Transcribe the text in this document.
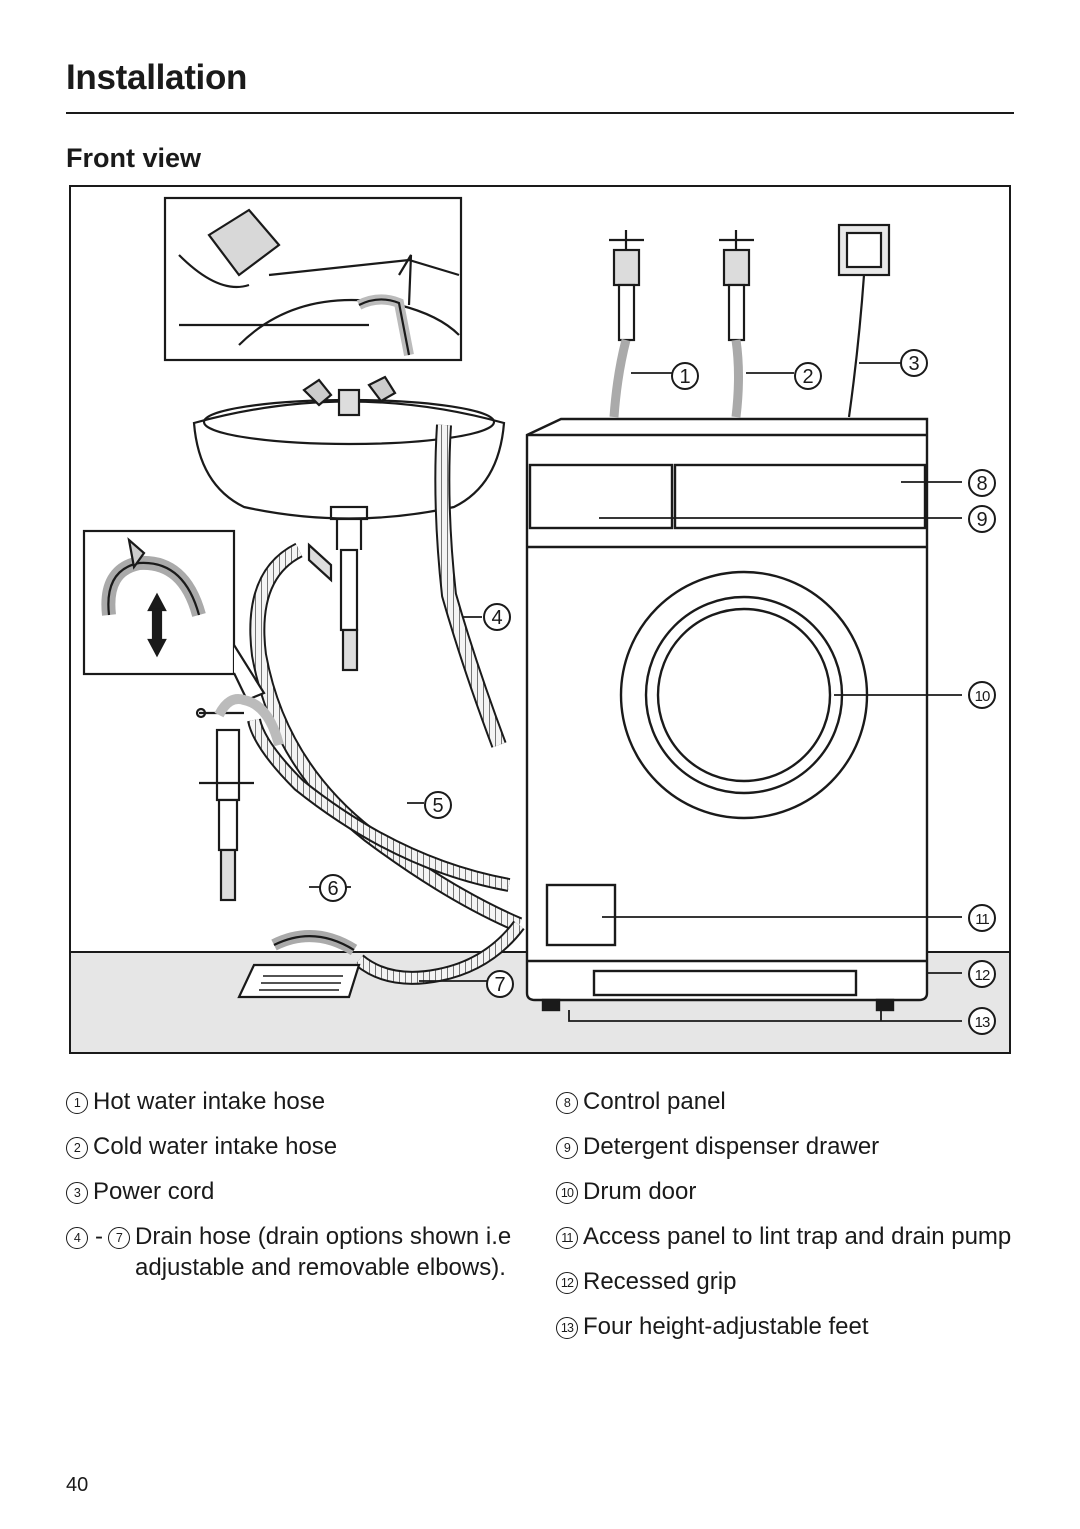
Installation
Front view
1	2
3
4
5
6
7
8
9
10
11
12
13
1 Hot water intake hose
2 Cold water intake hose
3 Power cord
4 -	7 Drain hose (drain options shown i.e adjustable and removable elbows).
8 Control panel
9 Detergent dispenser drawer
10 Drum door
11 Access panel to lint trap and drain pump
12 Recessed grip
13 Four height-adjustable feet
40
